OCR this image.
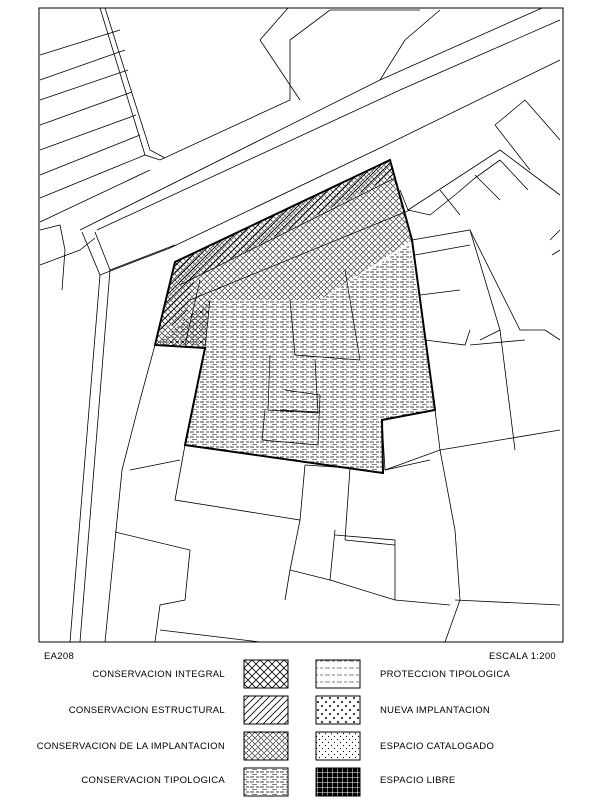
EA208	ESCALA 1:200
CONSERVACION INTEGRAL
CONSERVACION ESTRUCTURAL
CONSERVACION DE LA IMPLANTACION
CONSERVACION TIPOLOGICA
PROTECCION TIPOLOGICA
NUEVA IMPLANTACION
ESPACIO CATALOGADO
ESPACIO LIBRE
